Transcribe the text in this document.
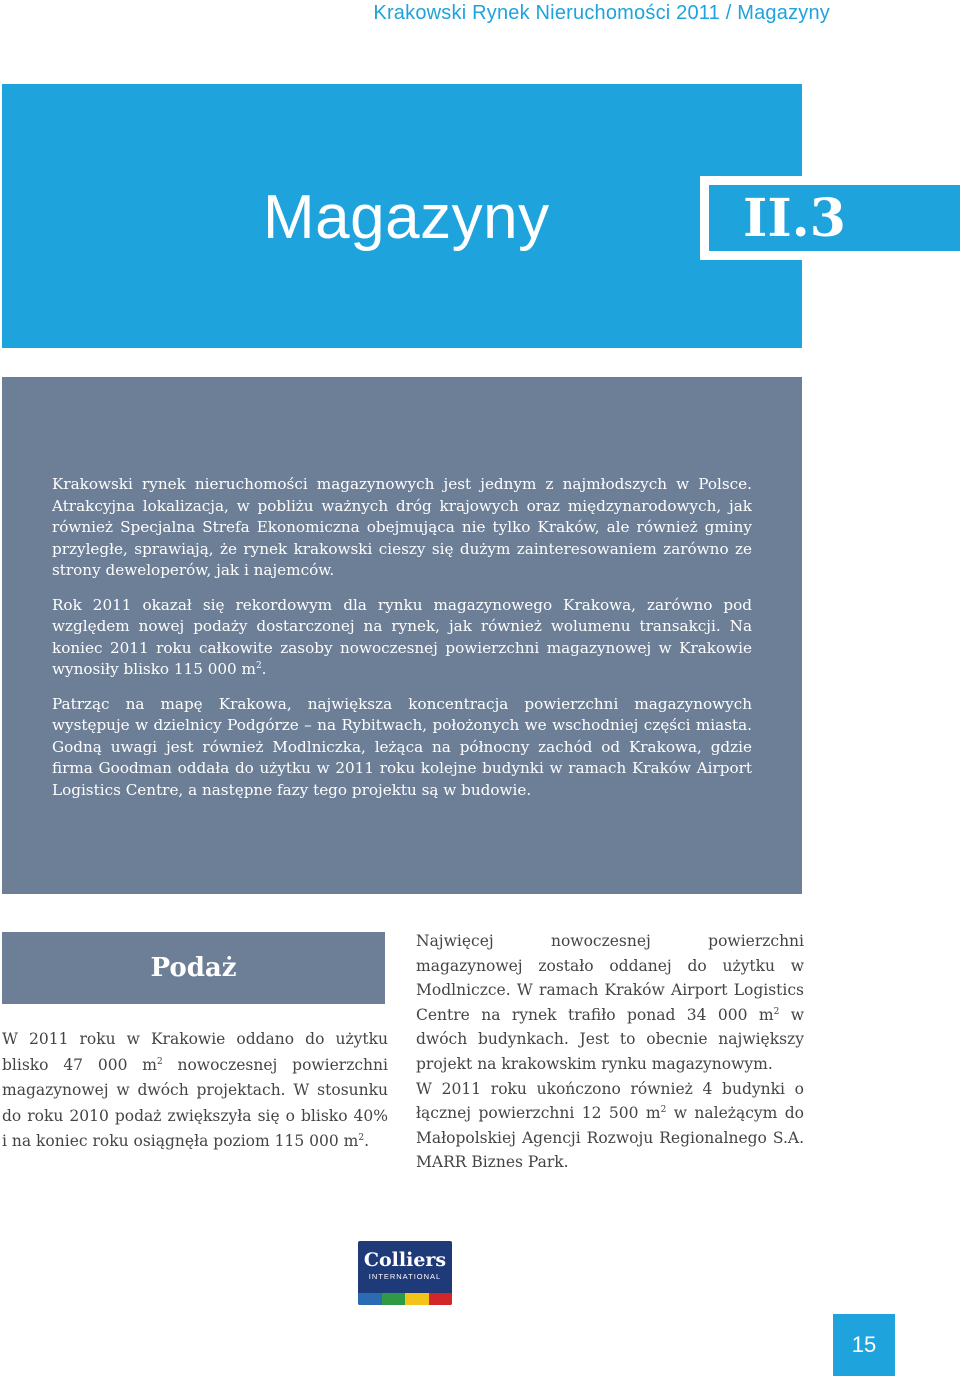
Krakowski Rynek Nieruchomości 2011 / Magazyny
Magazyny	II.3

Krakowski rynek nieruchomości magazynowych jest jednym z najmłodszych w Polsce. Atrakcyjna lokalizacja, w pobliżu ważnych dróg krajowych oraz międzynarodowych, jak również Specjalna Strefa Ekonomiczna obejmująca nie tylko Kraków, ale również gminy przyległe, sprawiają, że rynek krakowski cieszy się dużym zainteresowaniem zarówno ze strony deweloperów, jak i najemców.

Rok 2011 okazał się rekordowym dla rynku magazynowego Krakowa, zarówno pod względem nowej podaży dostarczonej na rynek, jak również wolumenu transakcji. Na koniec 2011 roku całkowite zasoby nowoczesnej powierzchni magazynowej w Krakowie wynosiły blisko 115 000 $m^2$.

Patrząc na mapę Krakowa, największa koncentracja powierzchni magazynowych występuje w dzielnicy Podgórze – na Rybitwach, położonych we wschodniej części miasta. Godną uwagi jest również Modlniczka, leżąca na północny zachód od Krakowa, gdzie firma Goodman oddała do użytku w 2011 roku kolejne budynki w ramach Kraków Airport Logistics Centre, a następne fazy tego projektu są w budowie.

Podaż
W 2011 roku w Krakowie oddano do użytku blisko 47 000 $m^2$ nowoczesnej powierzchni magazynowej w dwóch projektach. W stosunku do roku 2010 podaż zwiększyła się o blisko 40% i na koniec roku osiągnęła poziom 115 000 $m^2$.

Najwięcej nowoczesnej powierzchni magazynowej zostało oddanej do użytku w Modlniczce. W ramach Kraków Airport Logistics Centre na rynek trafiło ponad 34 000 $m^2$ w dwóch budynkach. Jest to obecnie największy projekt na krakowskim rynku magazynowym.

W 2011 roku ukończono również 4 budynki o łącznej powierzchni 12 500 $m^2$ w należącym do Małopolskiej Agencji Rozwoju Regionalnego S.A. MARR Biznes Park.

Colliers
INTERNATIONAL
15
